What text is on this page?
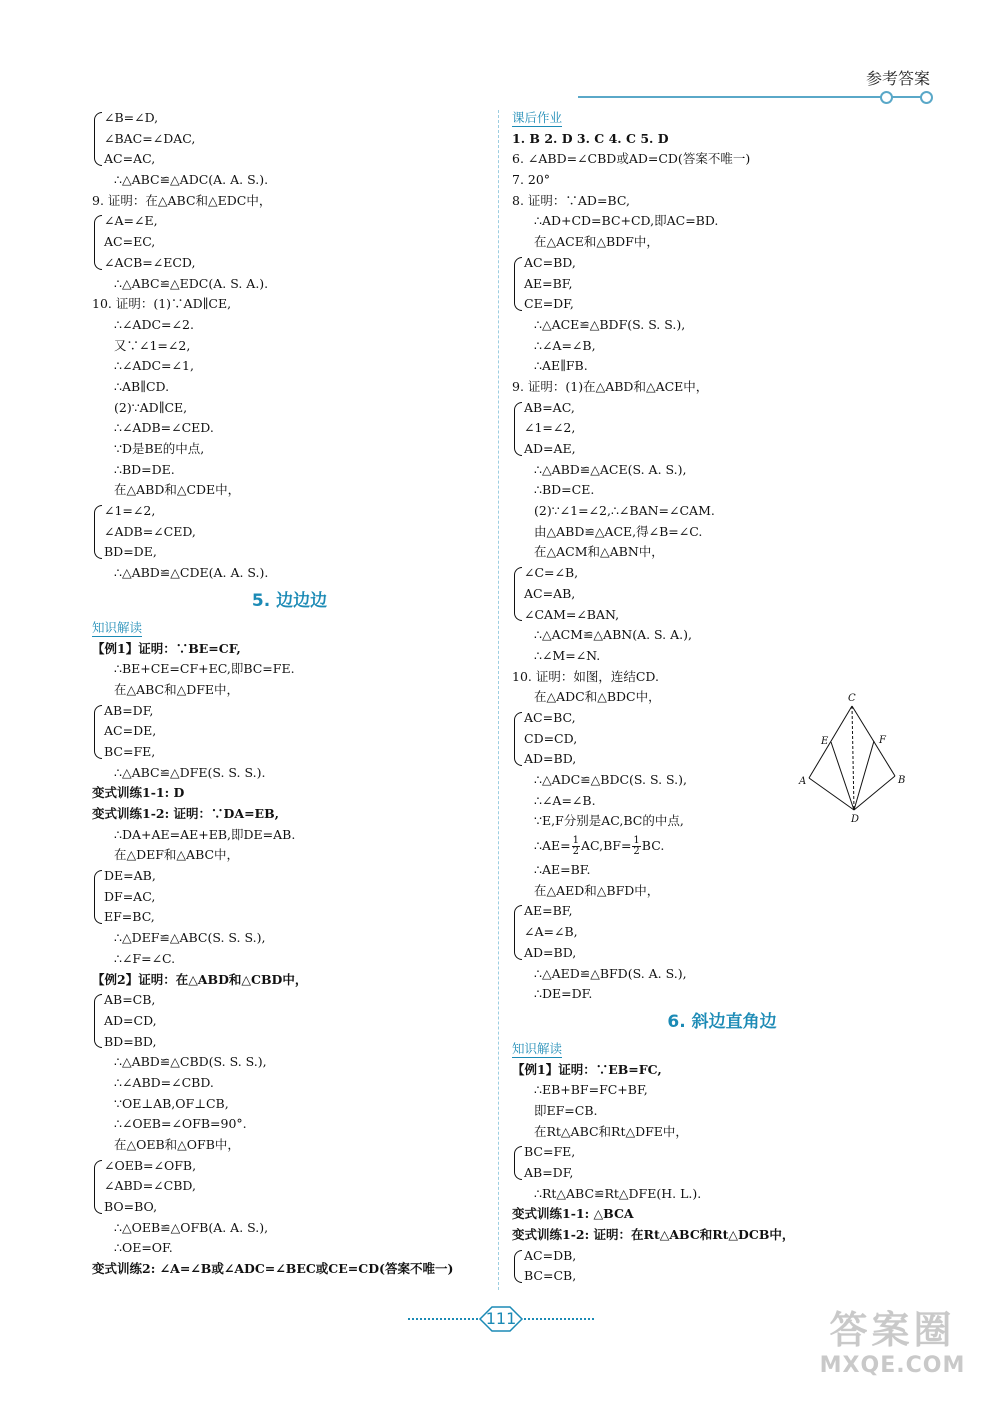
参考答案
∠B=∠D,
∠BAC=∠DAC,
AC=AC,
∴△ABC≌△ADC(A. A. S.).
9. 证明：在△ABC和△EDC中，
∠A=∠E,
AC=EC,
∠ACB=∠ECD,
∴△ABC≌△EDC(A. S. A.).
10. 证明：(1)∵AD∥CE,
∴∠ADC=∠2.
又∵∠1=∠2,
∴∠ADC=∠1,
∴AB∥CD.
(2)∵AD∥CE,
∴∠ADB=∠CED.
∵D是BE的中点,
∴BD=DE.
在△ABD和△CDE中，
∠1=∠2,
∠ADB=∠CED,
BD=DE,
∴△ABD≌△CDE(A. A. S.).
5. 边边边
知识解读
【例1】证明：∵BE=CF,
∴BE+CE=CF+EC,即BC=FE.
在△ABC和△DFE中，
AB=DF,
AC=DE,
BC=FE,
∴△ABC≌△DFE(S. S. S.).
变式训练1-1: D
变式训练1-2: 证明：∵DA=EB,
∴DA+AE=AE+EB,即DE=AB.
在△DEF和△ABC中，
DE=AB,
DF=AC,
EF=BC,
∴△DEF≌△ABC(S. S. S.),
∴∠F=∠C.
【例2】证明：在△ABD和△CBD中，
AB=CB,
AD=CD,
BD=BD,
∴△ABD≌△CBD(S. S. S.),
∴∠ABD=∠CBD.
∵OE⊥AB,OF⊥CB,
∴∠OEB=∠OFB=90°.
在△OEB和△OFB中，
∠OEB=∠OFB,
∠ABD=∠CBD,
BO=BO,
∴△OEB≌△OFB(A. A. S.),
∴OE=OF.
变式训练2: ∠A=∠B或∠ADC=∠BEC或CE=CD(答案不唯一)
课后作业
1. B 2. D 3. C 4. C 5. D
6. ∠ABD=∠CBD或AD=CD(答案不唯一)
7. 20°
8. 证明：∵AD=BC,
∴AD+CD=BC+CD,即AC=BD.
在△ACE和△BDF中，
AC=BD,
AE=BF,
CE=DF,
∴△ACE≌△BDF(S. S. S.),
∴∠A=∠B,
∴AE∥FB.
9. 证明：(1)在△ABD和△ACE中，
AB=AC,
∠1=∠2,
AD=AE,
∴△ABD≌△ACE(S. A. S.),
∴BD=CE.
(2)∵∠1=∠2,∴∠BAN=∠CAM.
由△ABD≌△ACE,得∠B=∠C.
在△ACM和△ABN中，
∠C=∠B,
AC=AB,
∠CAM=∠BAN,
∴△ACM≌△ABN(A. S. A.),
∴∠M=∠N.
10. 证明：如图，连结CD.
在△ADC和△BDC中，
AC=BC,
CD=CD,
AD=BD,
∴△ADC≌△BDC(S. S. S.),
∴∠A=∠B.
∵E,F分别是AC,BC的中点,
∴AE= $\frac{1}{2} AC,BF= \frac{1}{2}$ BC.
∴AE=BF.
在△AED和△BFD中，
AE=BF,
∠A=∠B,
AD=BD,
∴△AED≌△BFD(S. A. S.),
∴DE=DF.
6. 斜边直角边
知识解读
【例1】证明：∵EB=FC,
∴EB+BF=FC+BF,
即EF=CB.
在Rt△ABC和Rt△DFE中，
BC=FE,
AB=DF,
∴Rt△ABC≌Rt△DFE(H. L.).
变式训练1-1: △BCA
变式训练1-2: 证明：在Rt△ABC和Rt△DCB中，
AC=DB,
BC=CB,
C
E	F
A	B
D
111	答案圈
MXQE.COM
